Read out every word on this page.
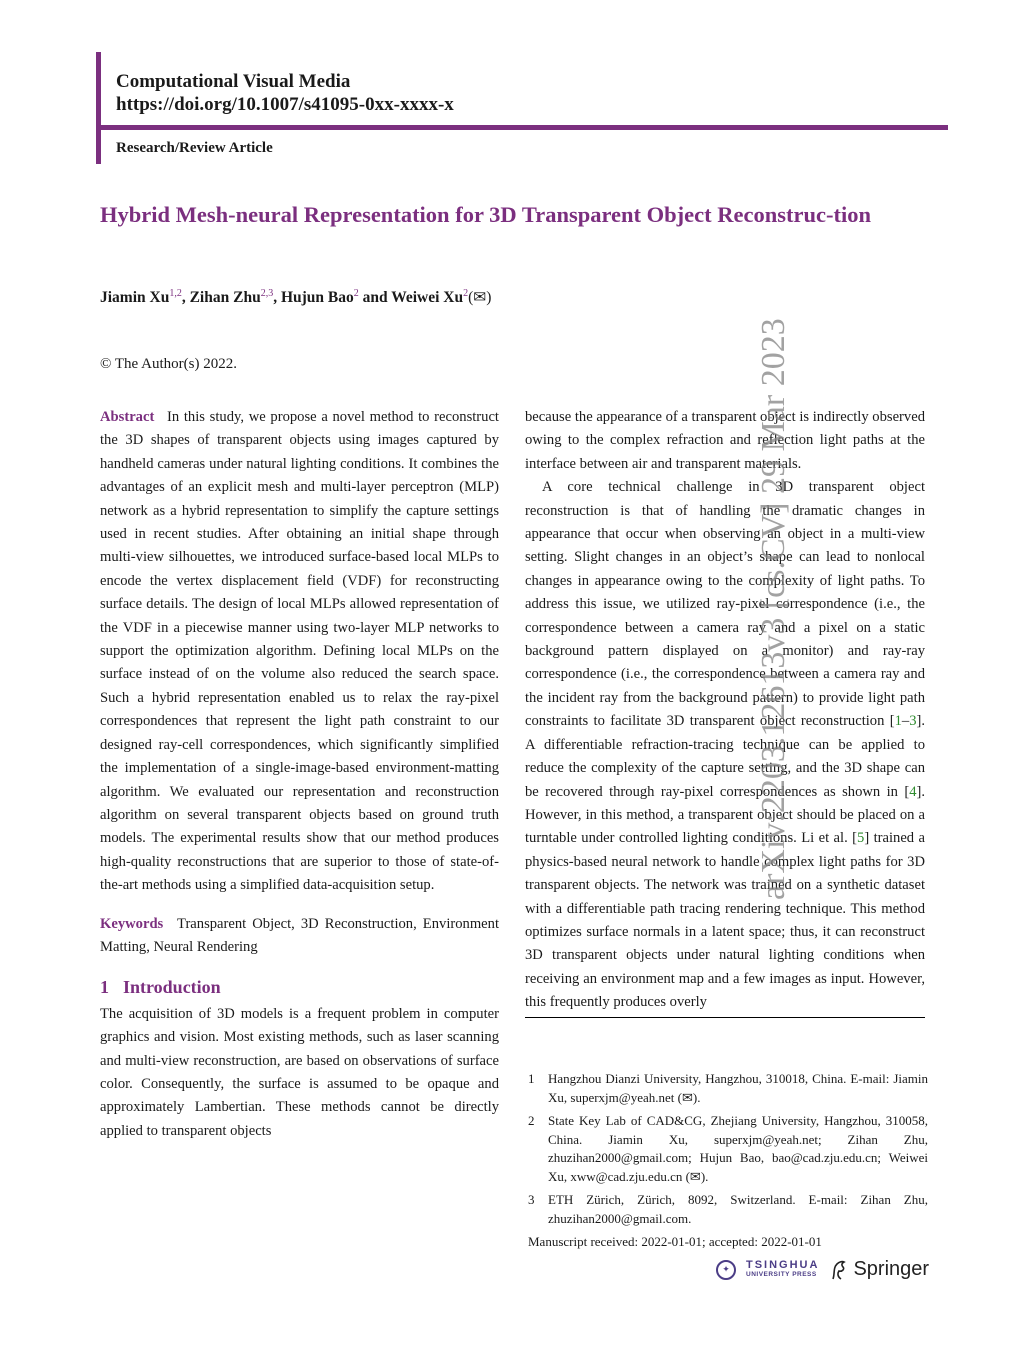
Computational Visual Media
https://doi.org/10.1007/s41095-0xx-xxxx-x
Research/Review Article
Hybrid Mesh-neural Representation for 3D Transparent Object Reconstruc-tion
Jiamin Xu$^{1,2}$, Zihan Zhu$^{2,3}$, Hujun Bao$^2$ and Weiwei Xu$^2$(✉)
© The Author(s) 2022.

Abstract In this study, we propose a novel method to reconstruct the 3D shapes of transparent objects using images captured by handheld cameras under natural lighting conditions. It combines the advantages of an explicit mesh and multi-layer perceptron (MLP) network as a hybrid representation to simplify the capture settings used in recent studies. After obtaining an initial shape through multi-view silhouettes, we introduced surface-based local MLPs to encode the vertex displacement field (VDF) for reconstructing surface details. The design of local MLPs allowed representation of the VDF in a piecewise manner using two-layer MLP networks to support the optimization algorithm. Defining local MLPs on the surface instead of on the volume also reduced the search space. Such a hybrid representation enabled us to relax the ray-pixel correspondences that represent the light path constraint to our designed ray-cell correspondences, which significantly simplified the implementation of a single-image-based environment-matting algorithm. We evaluated our representation and reconstruction algorithm on several transparent objects based on ground truth models. The experimental results show that our method produces high-quality reconstructions that are superior to those of state-of-the-art methods using a simplified data-acquisition setup.

Keywords Transparent Object, 3D Reconstruction, Environment Matting, Neural Rendering

1 Introduction

The acquisition of 3D models is a frequent problem in computer graphics and vision. Most existing methods, such as laser scanning and multi-view reconstruction, are based on observations of surface color. Consequently, the surface is assumed to be opaque and approximately Lambertian. These methods cannot be directly applied to transparent objects

because the appearance of a transparent object is indirectly observed owing to the complex refraction and reflection light paths at the interface between air and transparent materials.

A core technical challenge in 3D transparent object reconstruction is that of handling the dramatic changes in appearance that occur when observing an object in a multi-view setting. Slight changes in an object’s shape can lead to nonlocal changes in appearance owing to the complexity of light paths. To address this issue, we utilized ray-pixel correspondence (i.e., the correspondence between a camera ray and a pixel on a static background pattern displayed on a monitor) and ray-ray correspondence (i.e., the correspondence between a camera ray and the incident ray from the background pattern) to provide light path constraints to facilitate 3D transparent object reconstruction [1–3]. A differentiable refraction-tracing technique can be applied to reduce the complexity of the capture setting, and the 3D shape can be recovered through ray-pixel correspondences as shown in [4]. However, in this method, a transparent object should be placed on a turntable under controlled lighting conditions. Li et al. [5] trained a physics-based neural network to handle complex light paths for 3D transparent objects. The network was trained on a synthetic dataset with a differentiable path tracing rendering technique. This method optimizes surface normals in a latent space; thus, it can reconstruct 3D transparent objects under natural lighting conditions when receiving an environment map and a few images as input. However, this frequently produces overly

1	Hangzhou Dianzi University, Hangzhou, 310018, China. E-mail: Jiamin Xu, superxjm@yeah.net (✉).
2	State Key Lab of CAD&CG, Zhejiang University, Hangzhou, 310058, China. Jiamin Xu, superxjm@yeah.net; Zihan Zhu, zhuzihan2000@gmail.com; Hujun Bao, bao@cad.zju.edu.cn; Weiwei Xu, xww@cad.zju.edu.cn (✉).
3	ETH Zürich, Zürich, 8092, Switzerland. E-mail: Zihan Zhu, zhuzihan2000@gmail.com.
Manuscript received: 2022-01-01; accepted: 2022-01-01
✦	TSINGHUA
UNIVERSITY PRESS Springer
arXiv:2203.12613v3 [cs.CV] 29 Mar 2023
